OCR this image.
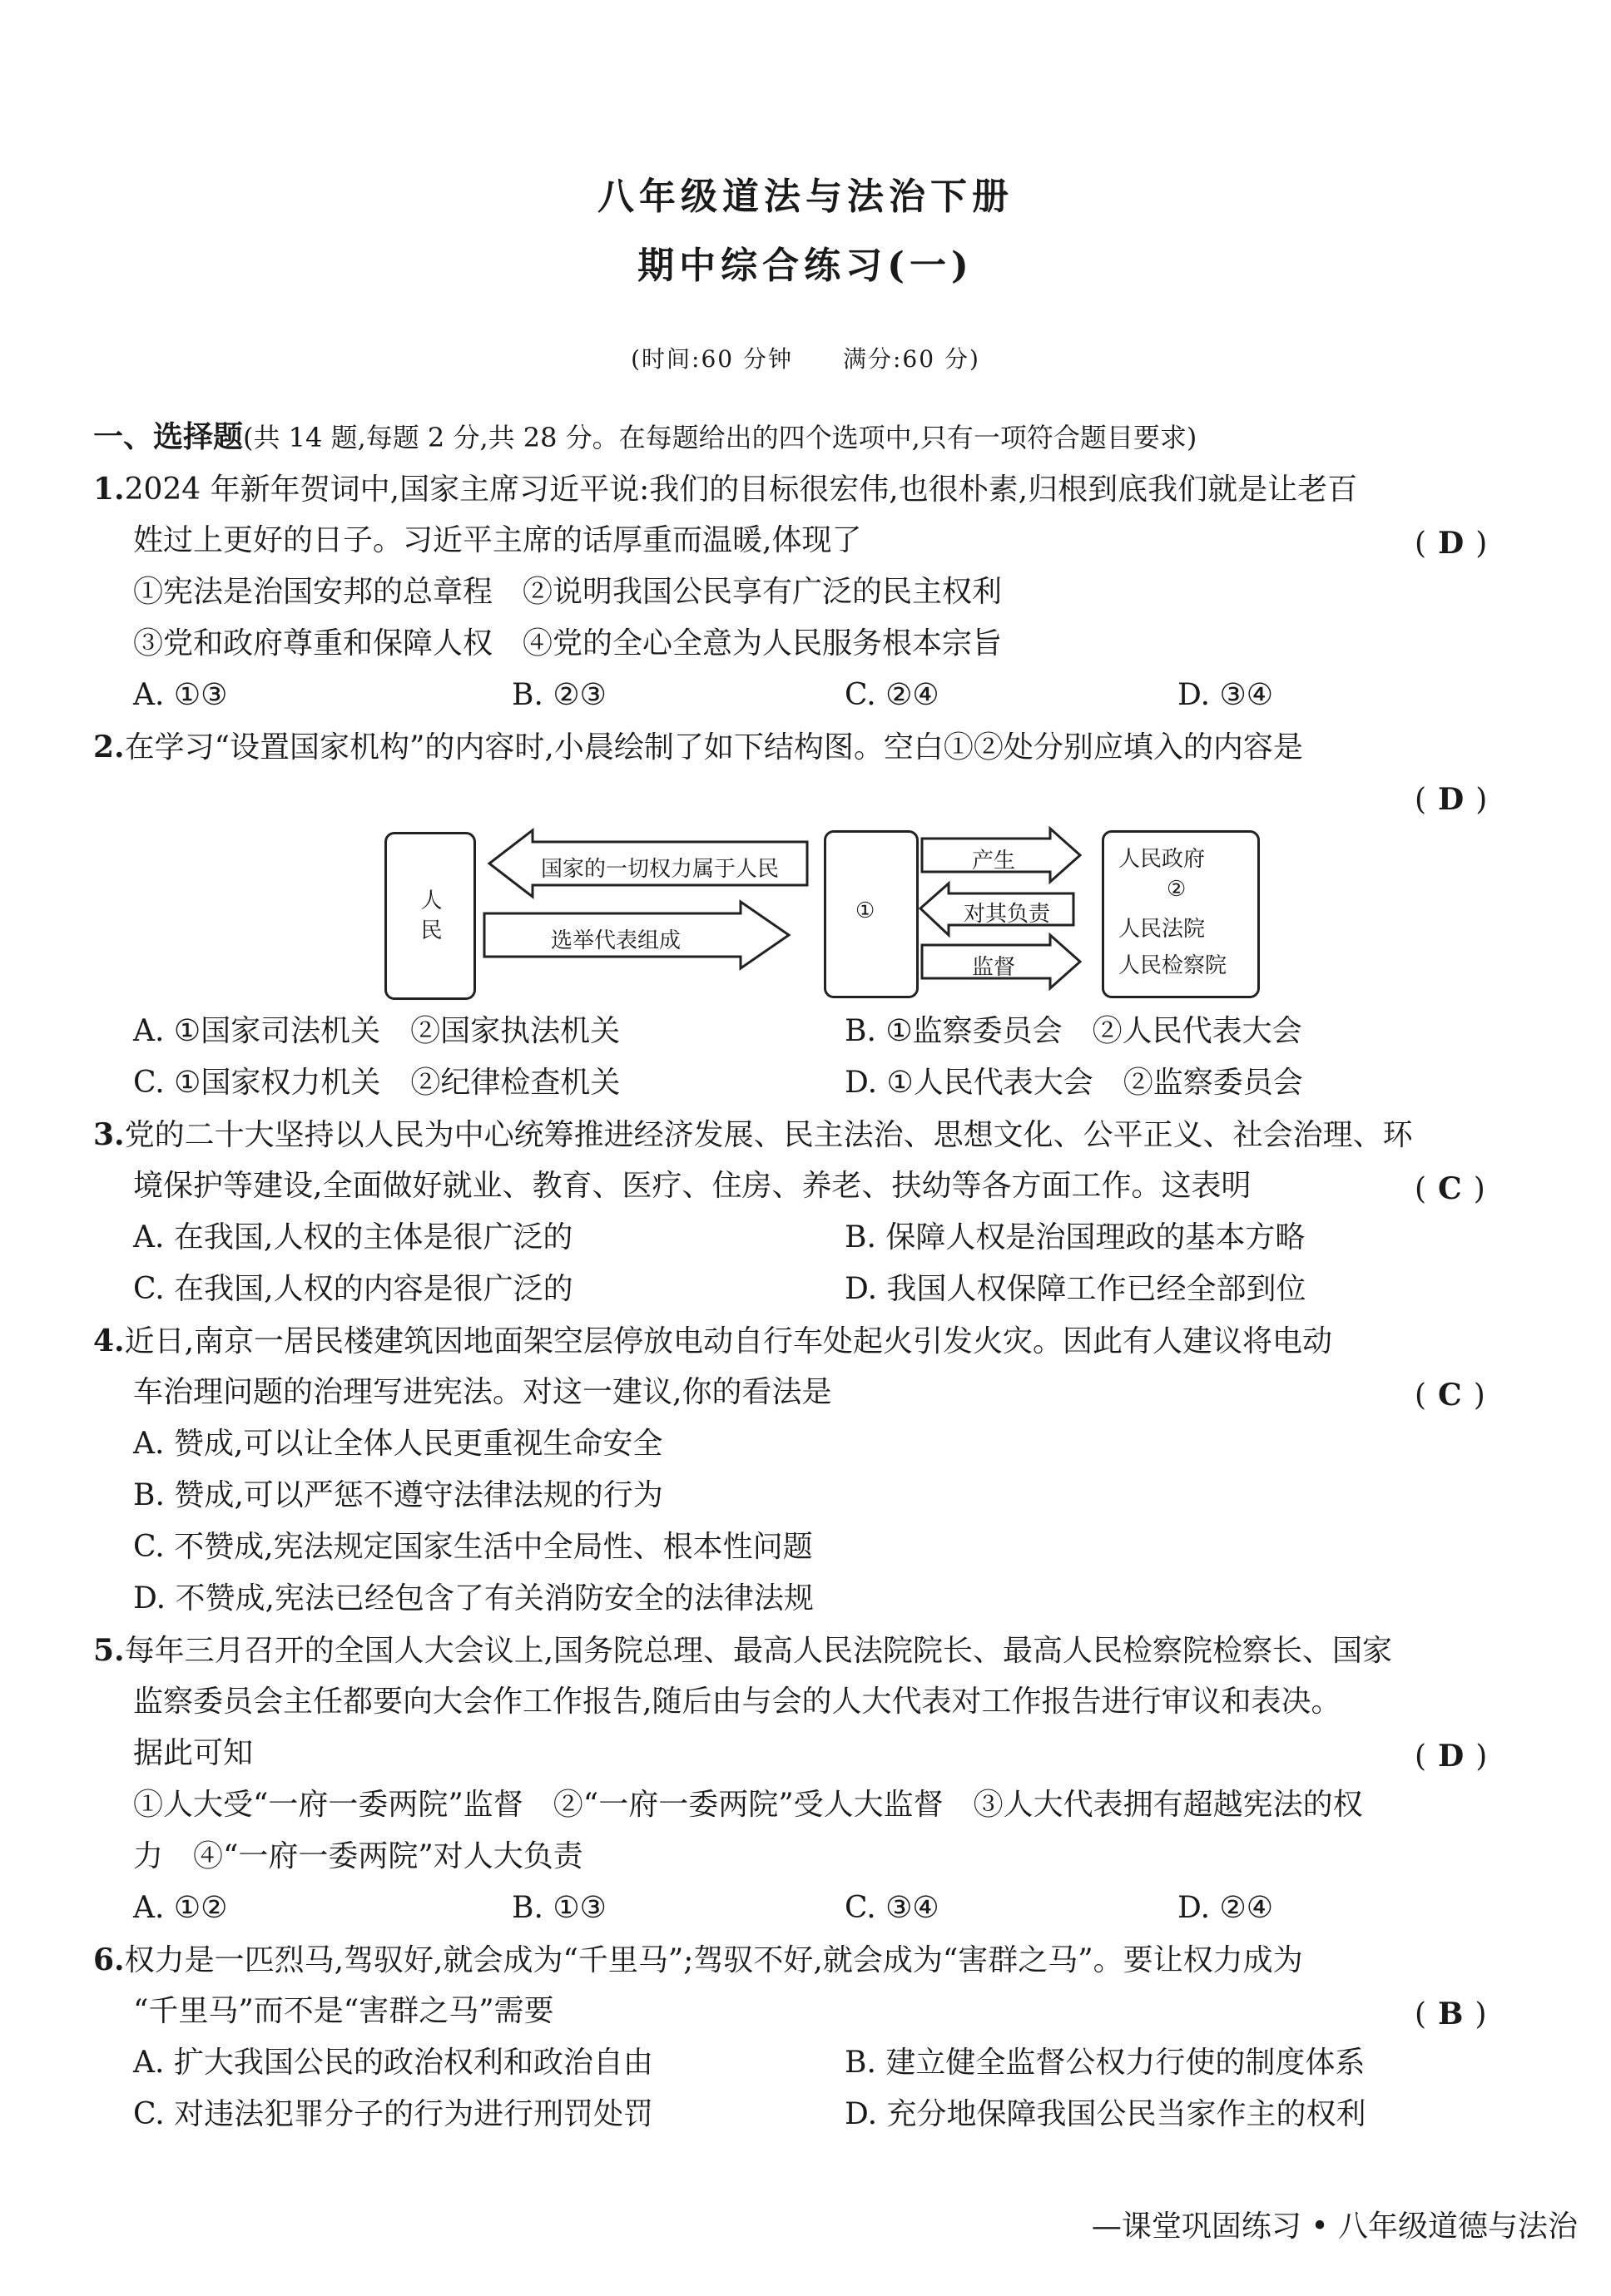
八年级道法与法治下册
期中综合练习(一)
(时间:60 分钟　　满分:60 分)
一、选择题(共 14 题,每题 2 分,共 28 分。在每题给出的四个选项中,只有一项符合题目要求)
1.2024 年新年贺词中,国家主席习近平说:我们的目标很宏伟,也很朴素,归根到底我们就是让老百
姓过上更好的日子。习近平主席的话厚重而温暖,体现了	( D )
①宪法是治国安邦的总章程　②说明我国公民享有广泛的民主权利
③党和政府尊重和保障人权　④党的全心全意为人民服务根本宗旨
A. ①③	B. ②③	C. ②④	D. ③④
2.在学习“设置国家机构”的内容时,小晨绘制了如下结构图。空白①②处分别应填入的内容是
( D )
人民
国家的一切权力属于人民
选举代表组成
①
产生
对其负责
监督
人民政府
②
人民法院
人民检察院
A. ①国家司法机关　②国家执法机关	B. ①监察委员会　②人民代表大会
C. ①国家权力机关　②纪律检查机关	D. ①人民代表大会　②监察委员会
3.党的二十大坚持以人民为中心统筹推进经济发展、民主法治、思想文化、公平正义、社会治理、环
境保护等建设,全面做好就业、教育、医疗、住房、养老、扶幼等各方面工作。这表明	( C )
A. 在我国,人权的主体是很广泛的	B. 保障人权是治国理政的基本方略
C. 在我国,人权的内容是很广泛的	D. 我国人权保障工作已经全部到位
4.近日,南京一居民楼建筑因地面架空层停放电动自行车处起火引发火灾。因此有人建议将电动
车治理问题的治理写进宪法。对这一建议,你的看法是	( C )
A. 赞成,可以让全体人民更重视生命安全
B. 赞成,可以严惩不遵守法律法规的行为
C. 不赞成,宪法规定国家生活中全局性、根本性问题
D. 不赞成,宪法已经包含了有关消防安全的法律法规
5.每年三月召开的全国人大会议上,国务院总理、最高人民法院院长、最高人民检察院检察长、国家
监察委员会主任都要向大会作工作报告,随后由与会的人大代表对工作报告进行审议和表决。
据此可知	( D )
①人大受“一府一委两院”监督　②“一府一委两院”受人大监督　③人大代表拥有超越宪法的权
力　④“一府一委两院”对人大负责
A. ①②	B. ①③	C. ③④	D. ②④
6.权力是一匹烈马,驾驭好,就会成为“千里马”;驾驭不好,就会成为“害群之马”。要让权力成为
“千里马”而不是“害群之马”需要	( B )
A. 扩大我国公民的政治权利和政治自由	B. 建立健全监督公权力行使的制度体系
C. 对违法犯罪分子的行为进行刑罚处罚	D. 充分地保障我国公民当家作主的权利
—课堂巩固练习 • 八年级道德与法治
